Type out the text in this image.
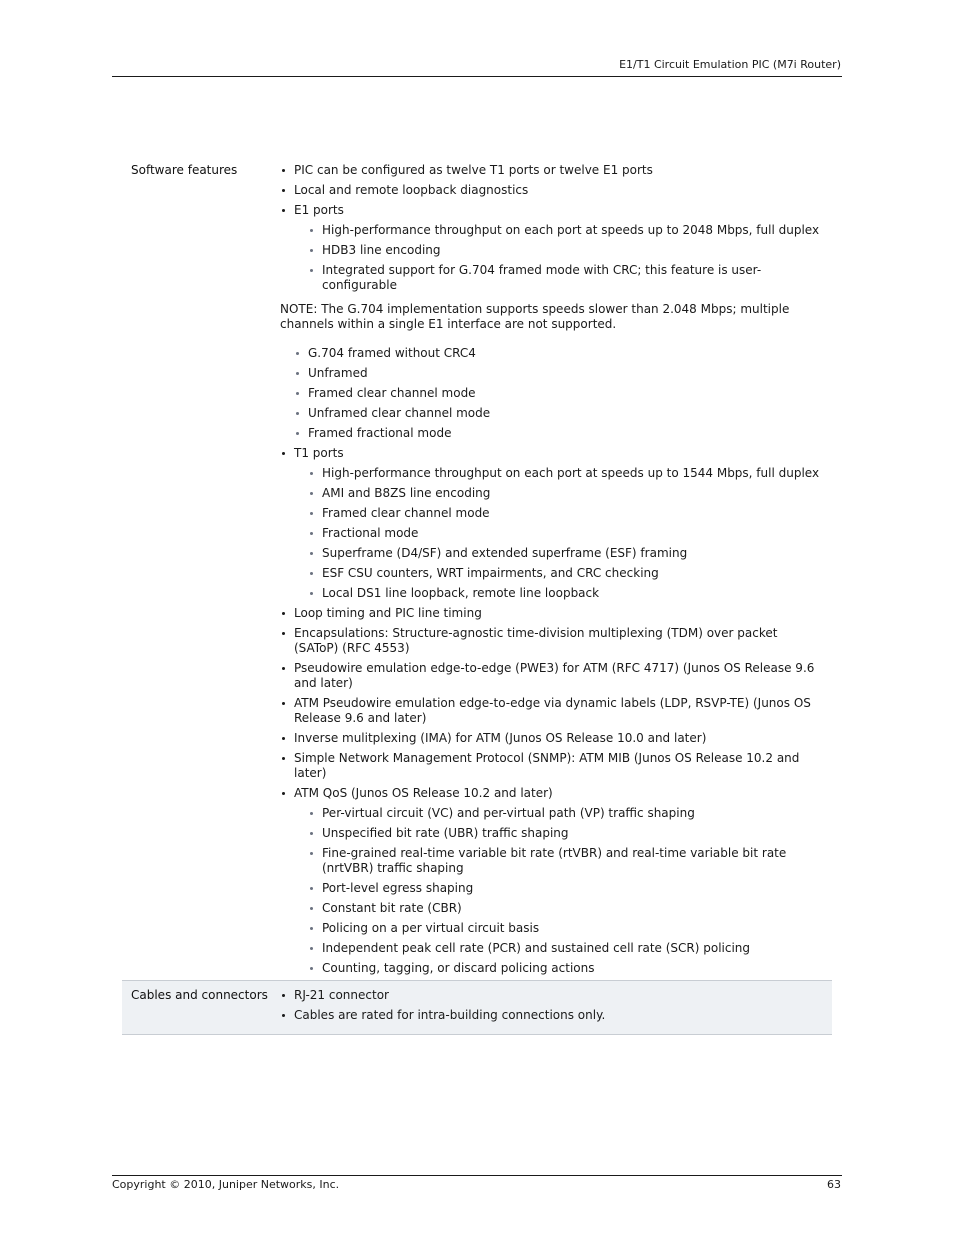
E1/T1 Circuit Emulation PIC (M7i Router)
Software features	PIC can be configured as twelve T1 ports or twelve E1 ports
Local and remote loopback diagnostics
E1 ports
High-performance throughput on each port at speeds up to 2048 Mbps, full duplex
HDB3 line encoding
Integrated support for G.704 framed mode with CRC; this feature is user-configurable
NOTE: The G.704 implementation supports speeds slower than 2.048 Mbps; multiple channels within a single E1 interface are not supported.
G.704 framed without CRC4
Unframed
Framed clear channel mode
Unframed clear channel mode
Framed fractional mode
T1 ports
High-performance throughput on each port at speeds up to 1544 Mbps, full duplex
AMI and B8ZS line encoding
Framed clear channel mode
Fractional mode
Superframe (D4/SF) and extended superframe (ESF) framing
ESF CSU counters, WRT impairments, and CRC checking
Local DS1 line loopback, remote line loopback
Loop timing and PIC line timing
Encapsulations: Structure-agnostic time-division multiplexing (TDM) over packet (SAToP) (RFC 4553)
Pseudowire emulation edge-to-edge (PWE3) for ATM (RFC 4717) (Junos OS Release 9.6 and later)
ATM Pseudowire emulation edge-to-edge via dynamic labels (LDP, RSVP-TE) (Junos OS Release 9.6 and later)
Inverse mulitplexing (IMA) for ATM (Junos OS Release 10.0 and later)
Simple Network Management Protocol (SNMP): ATM MIB (Junos OS Release 10.2 and later)
ATM QoS (Junos OS Release 10.2 and later)
Per-virtual circuit (VC) and per-virtual path (VP) traffic shaping
Unspecified bit rate (UBR) traffic shaping
Fine-grained real-time variable bit rate (rtVBR) and real-time variable bit rate (nrtVBR) traffic shaping
Port-level egress shaping
Constant bit rate (CBR)
Policing on a per virtual circuit basis
Independent peak cell rate (PCR) and sustained cell rate (SCR) policing
Counting, tagging, or discard policing actions
Cables and connectors	RJ-21 connector
Cables are rated for intra-building connections only.
Copyright © 2010, Juniper Networks, Inc.	63
